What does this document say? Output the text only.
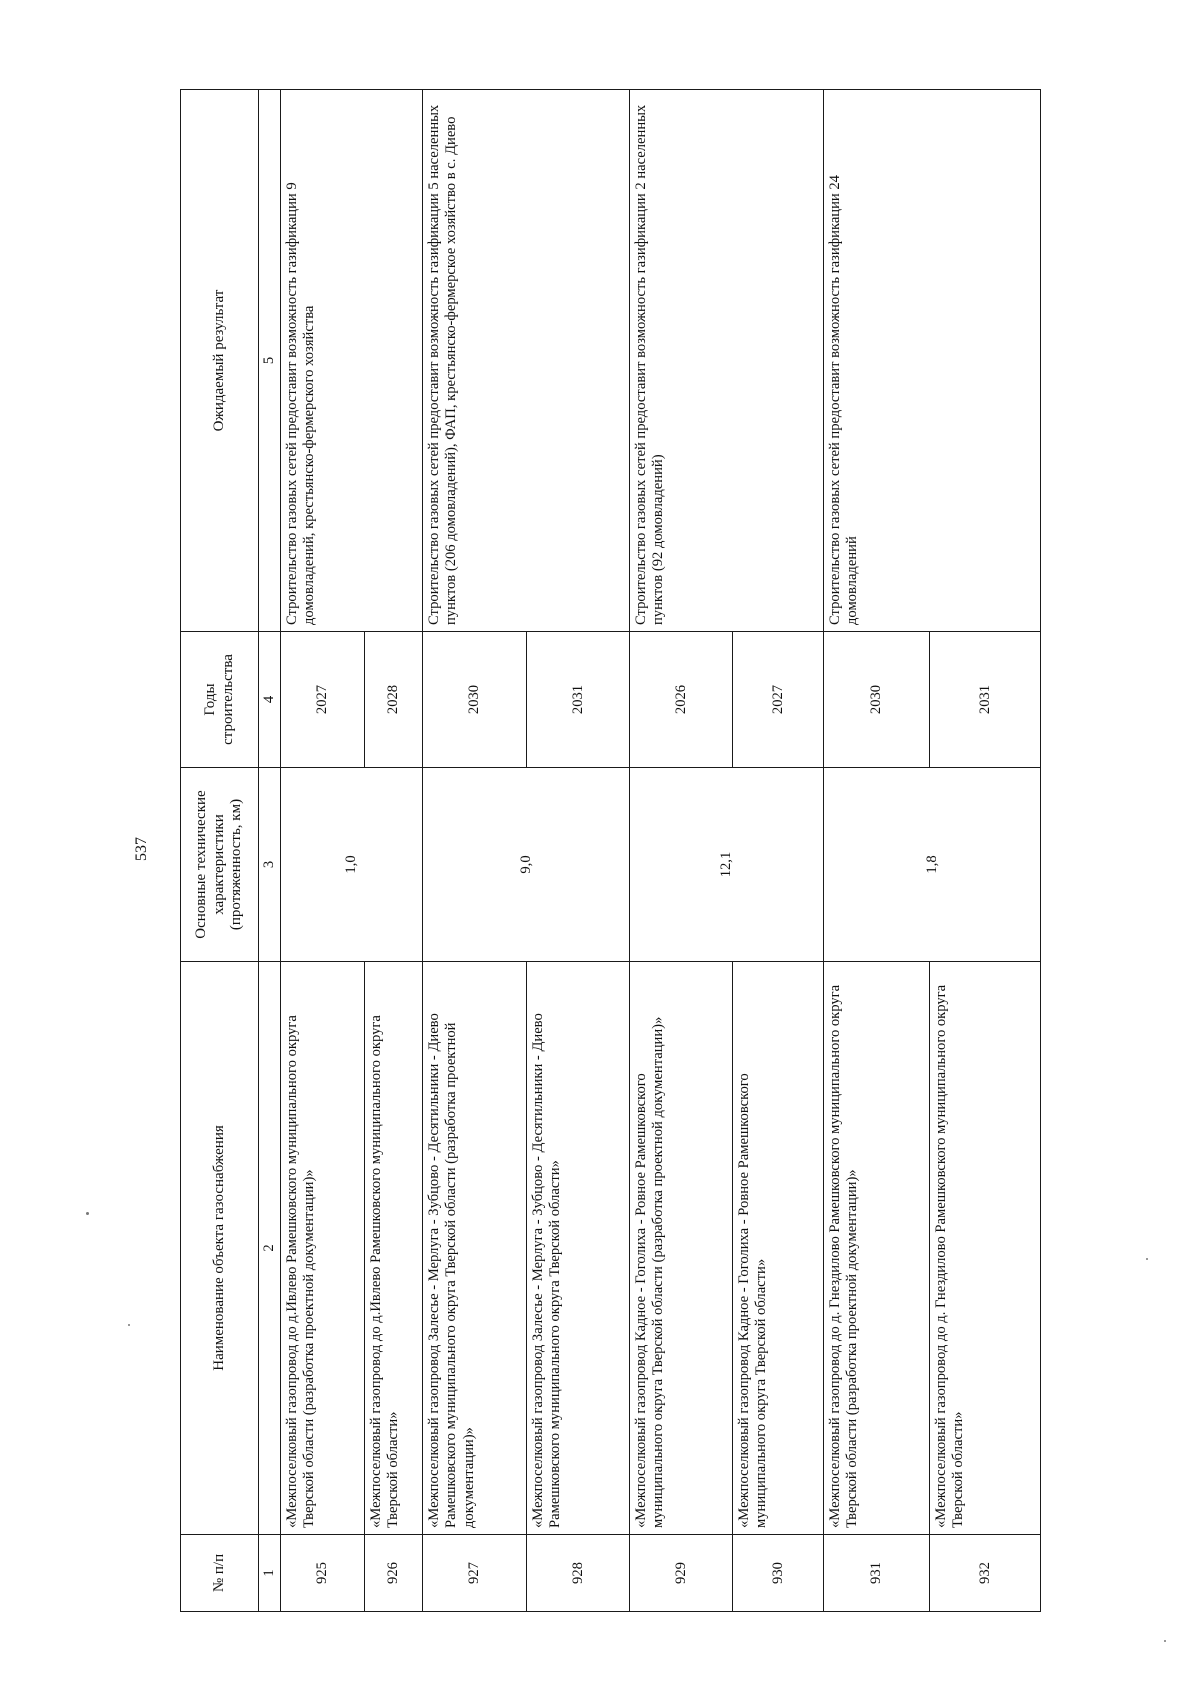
537
№ п/п	Наименование объекта газоснабжения	Основные технические характеристики (протяженность, км)	Годы строительства	Ожидаемый результат
1	2	3	4	5
925	«Межпоселковый газопровод до д.Ивлево Рамешковского муниципального округа Тверской области (разработка проектной документации)»	1,0	2027	Строительство газовых сетей предоставит возможность газификации 9 домовладений, крестьянско-фермерского хозяйства
926	«Межпоселковый газопровод до д.Ивлево Рамешковского муниципального округа Тверской области»		2028	
927	«Межпоселковый газопровод Залесье - Мерлуга - Зубцово - Десятильники - Диево Рамешковского муниципального округа Тверской области (разработка проектной документации)»	9,0	2030	Строительство газовых сетей предоставит возможность газификации 5 населенных пунктов (206 домовладений), ФАП, крестьянско-фермерское хозяйство в с. Диево
928	«Межпоселковый газопровод Залесье - Мерлуга - Зубцово - Десятильники - Диево Рамешковского муниципального округа Тверской области»		2031	
929	«Межпоселковый газопровод Кадное - Гоголиха - Ровное Рамешковского муниципального округа Тверской области (разработка проектной документации)»	12,1	2026	Строительство газовых сетей предоставит возможность газификации 2 населенных пунктов (92 домовладений)
930	«Межпоселковый газопровод Кадное - Гоголиха - Ровное Рамешковского муниципального округа Тверской области»		2027	
931	«Межпоселковый газопровод до д. Гнездилово Рамешковского муниципального округа Тверской области (разработка проектной документации)»	1,8	2030	Строительство газовых сетей предоставит возможность газификации 24 домовладений
932	«Межпоселковый газопровод до д. Гнездилово Рамешковского муниципального округа Тверской области»		2031	
